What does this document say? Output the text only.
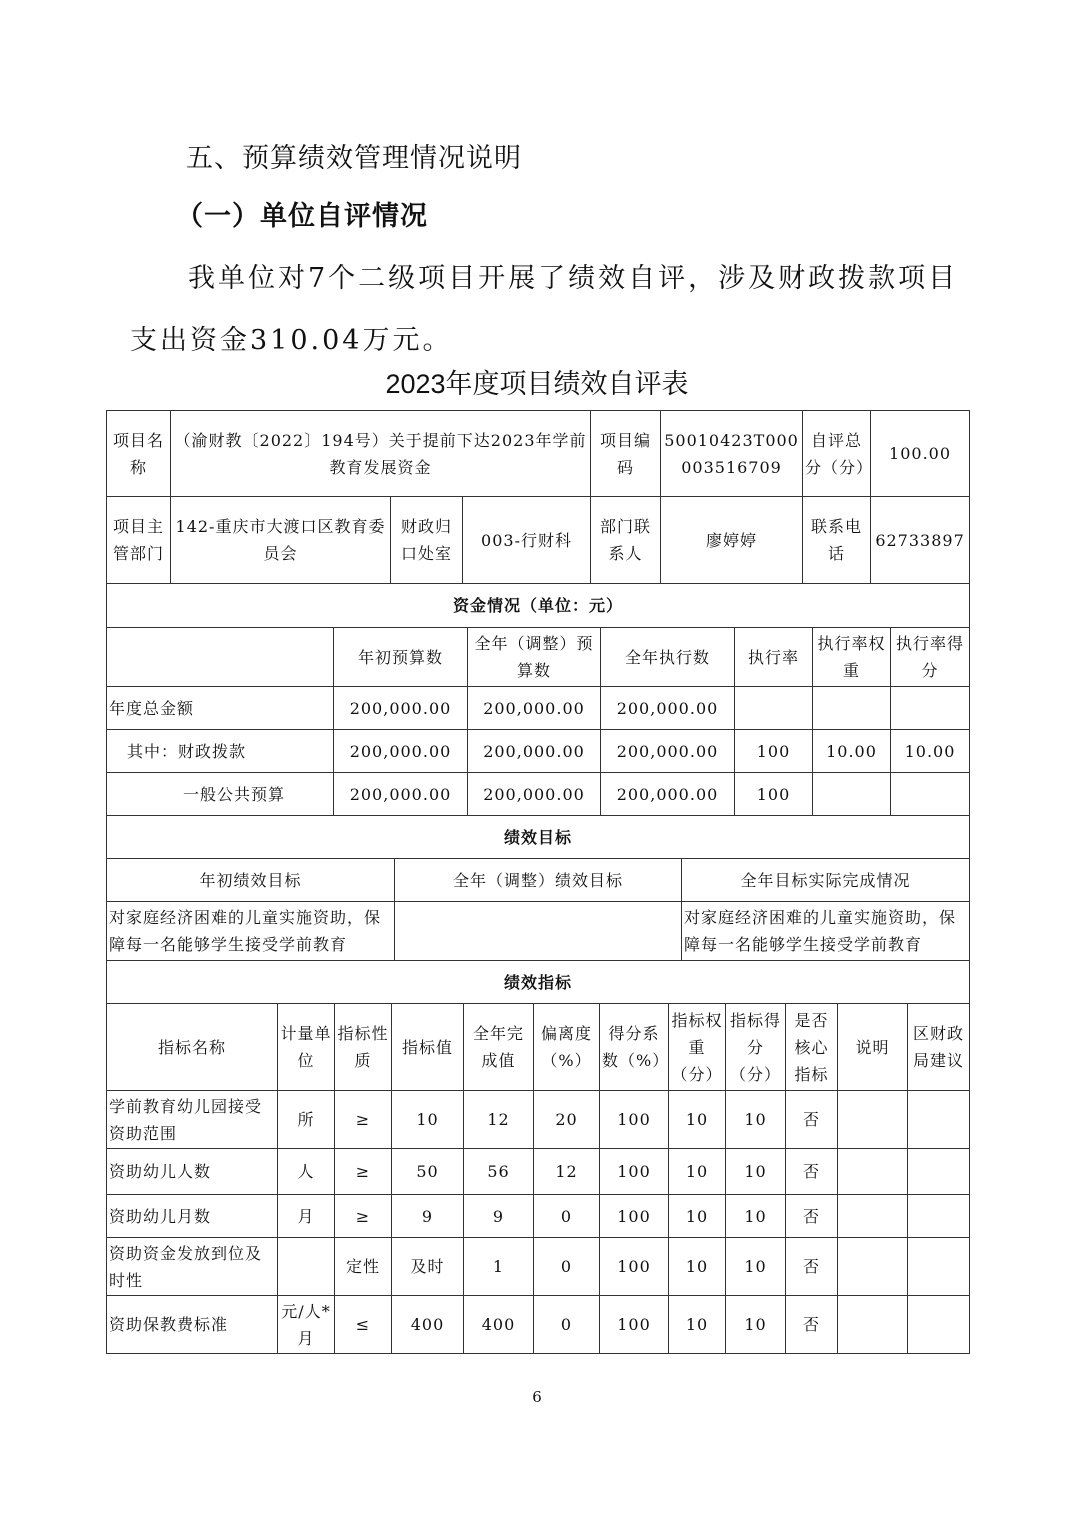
五、预算绩效管理情况说明
（一）单位自评情况
我单位对7个二级项目开展了绩效自评，涉及财政拨款项目支出资金310.04万元。
2023年度项目绩效自评表
项目名称	（渝财教〔2022〕194号）关于提前下达2023年学前教育发展资金			项目编码	50010423T000003516709	自评总分（分）	100.00
项目主管部门	142-重庆市大渡口区教育委员会	财政归口处室	003-行财科	部门联系人	廖婷婷	联系电话	62733897
资金情况（单位：元）						
	年初预算数	全年（调整）预算数	全年执行数	执行率	执行率权重	执行率得分
年度总金额	200,000.00	200,000.00	200,000.00			
其中：财政拨款	200,000.00	200,000.00	200,000.00	100	10.00	10.00
一般公共预算	200,000.00	200,000.00	200,000.00	100		
绩效目标		
年初绩效目标	全年（调整）绩效目标	全年目标实际完成情况
对家庭经济困难的儿童实施资助，保障每一名能够学生接受学前教育		对家庭经济困难的儿童实施资助，保障每一名能够学生接受学前教育
绩效指标											
指标名称	计量单位	指标性质	指标值	全年完成值	偏离度（%）	得分系数（%）	指标权重（分）	指标得分（分）	是否核心指标	说明	区财政局建议
学前教育幼儿园接受资助范围	所	≥	10	12	20	100	10	10	否		
资助幼儿人数	人	≥	50	56	12	100	10	10	否		
资助幼儿月数	月	≥	9	9	0	100	10	10	否		
资助资金发放到位及时性		定性	及时	1	0	100	10	10	否		
资助保教费标准	元/人*月	≤	400	400	0	100	10	10	否		
6
